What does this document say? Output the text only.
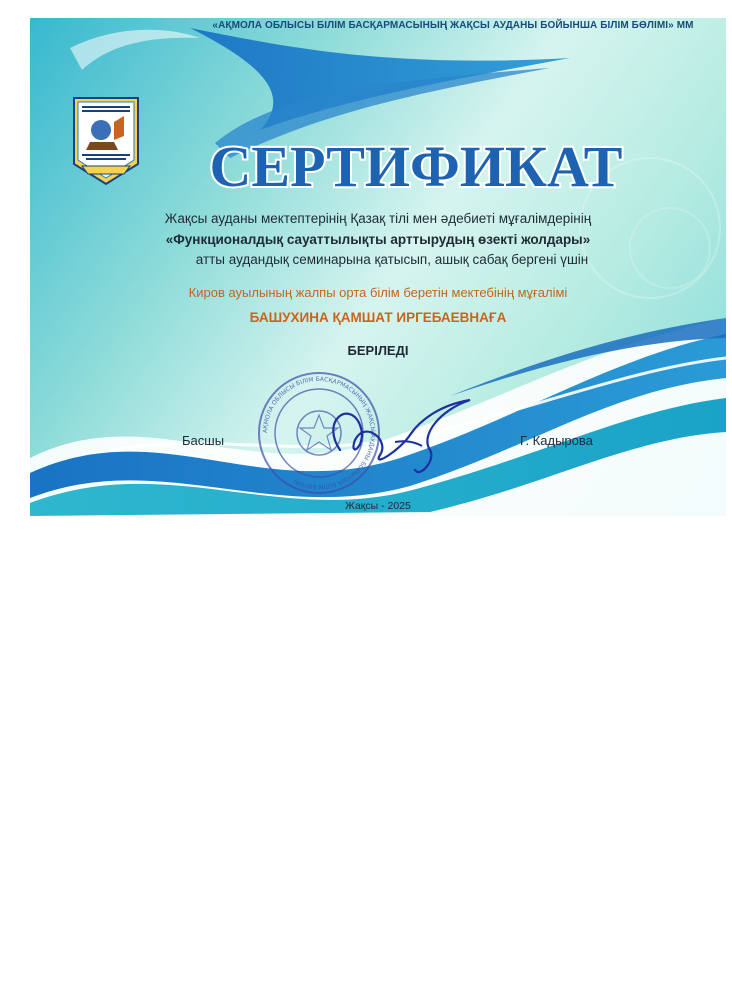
«АҚМОЛА ОБЛЫСЫ БІЛІМ БАСҚАРМАСЫНЫҢ ЖАҚСЫ АУДАНЫ БОЙЫНША БІЛІМ БӨЛІМІ» ММ
СЕРТИФИКАТ
Жақсы ауданы мектептерінің Қазақ тілі мен әдебиеті мұғалімдерінің
«Функционалдық сауаттылықты арттырудың өзекті жолдары»
атты аудандық семинарына қатысып, ашық сабақ бергені үшін
Киров ауылының жалпы орта білім беретін мектебінің мұғалімі
БАШУХИНА ҚАМШАТ ИРГЕБАЕВНАҒА
БЕРІЛЕДІ
АҚМОЛА ОБЛЫСЫ БІЛІМ БАСҚАРМАСЫНЫҢ ЖАҚСЫ АУДАНЫ БОЙЫНША БІЛІМ БӨЛІМІ
Басшы	Г. Кадырова
Жақсы - 2025
